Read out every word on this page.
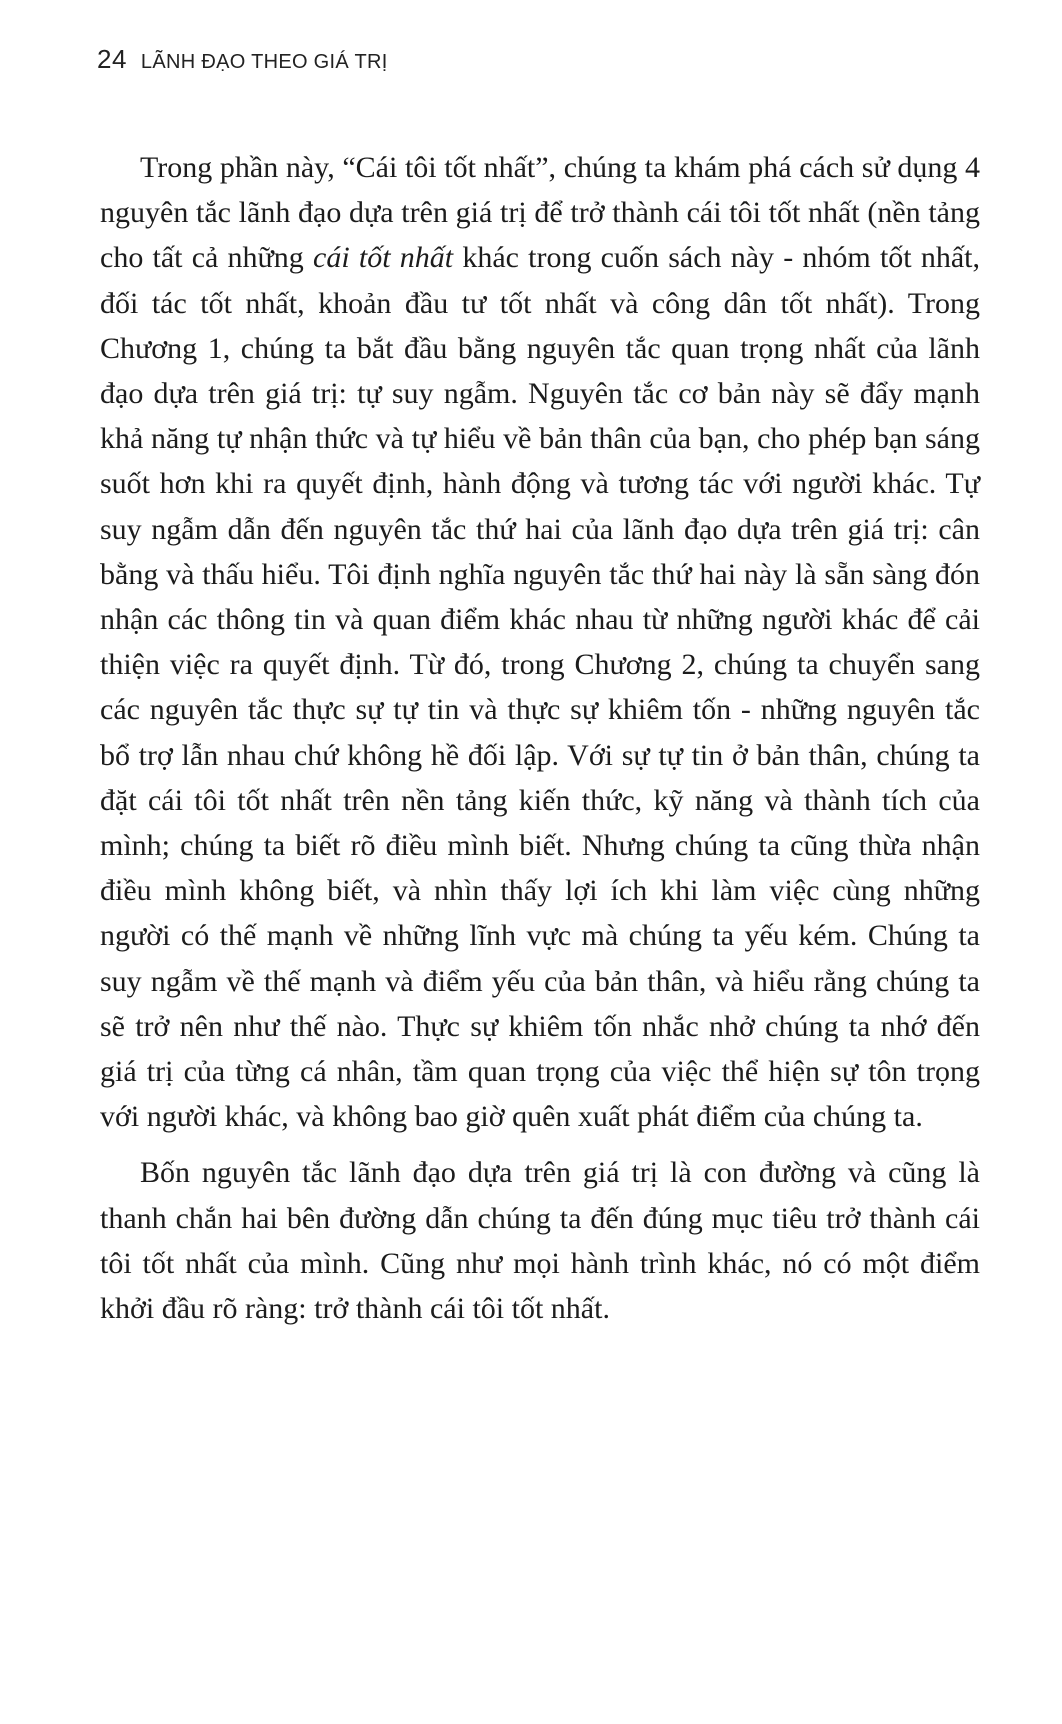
24 LÃNH ĐẠO THEO GIÁ TRỊ

Trong phần này, “Cái tôi tốt nhất”, chúng ta khám phá cách sử dụng 4 nguyên tắc lãnh đạo dựa trên giá trị để trở thành cái tôi tốt nhất (nền tảng cho tất cả những cái tốt nhất khác trong cuốn sách này - nhóm tốt nhất, đối tác tốt nhất, khoản đầu tư tốt nhất và công dân tốt nhất). Trong Chương 1, chúng ta bắt đầu bằng nguyên tắc quan trọng nhất của lãnh đạo dựa trên giá trị: tự suy ngẫm. Nguyên tắc cơ bản này sẽ đẩy mạnh khả năng tự nhận thức và tự hiểu về bản thân của bạn, cho phép bạn sáng suốt hơn khi ra quyết định, hành động và tương tác với người khác. Tự suy ngẫm dẫn đến nguyên tắc thứ hai của lãnh đạo dựa trên giá trị: cân bằng và thấu hiểu. Tôi định nghĩa nguyên tắc thứ hai này là sẵn sàng đón nhận các thông tin và quan điểm khác nhau từ những người khác để cải thiện việc ra quyết định. Từ đó, trong Chương 2, chúng ta chuyển sang các nguyên tắc thực sự tự tin và thực sự khiêm tốn - những nguyên tắc bổ trợ lẫn nhau chứ không hề đối lập. Với sự tự tin ở bản thân, chúng ta đặt cái tôi tốt nhất trên nền tảng kiến thức, kỹ năng và thành tích của mình; chúng ta biết rõ điều mình biết. Nhưng chúng ta cũng thừa nhận điều mình không biết, và nhìn thấy lợi ích khi làm việc cùng những người có thế mạnh về những lĩnh vực mà chúng ta yếu kém. Chúng ta suy ngẫm về thế mạnh và điểm yếu của bản thân, và hiểu rằng chúng ta sẽ trở nên như thế nào. Thực sự khiêm tốn nhắc nhở chúng ta nhớ đến giá trị của từng cá nhân, tầm quan trọng của việc thể hiện sự tôn trọng với người khác, và không bao giờ quên xuất phát điểm của chúng ta.

Bốn nguyên tắc lãnh đạo dựa trên giá trị là con đường và cũng là thanh chắn hai bên đường dẫn chúng ta đến đúng mục tiêu trở thành cái tôi tốt nhất của mình. Cũng như mọi hành trình khác, nó có một điểm khởi đầu rõ ràng: trở thành cái tôi tốt nhất.
